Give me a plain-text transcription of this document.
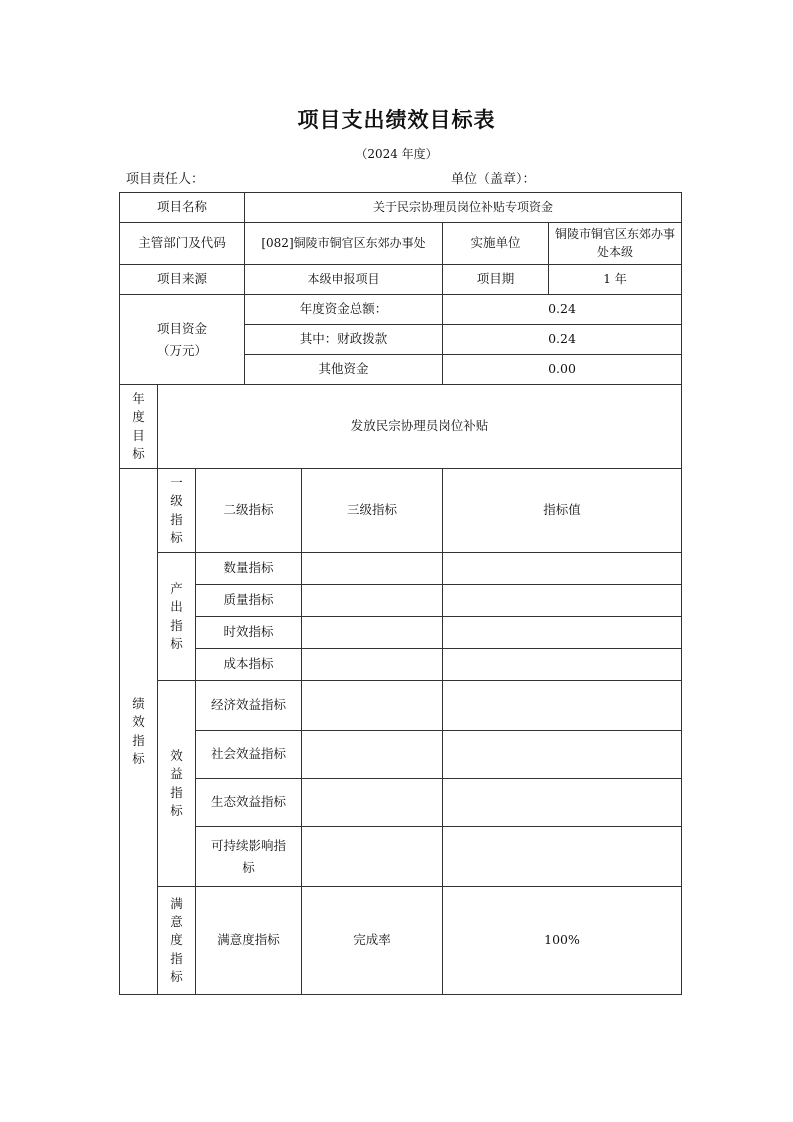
项目支出绩效目标表
（2024 年度）
项目责任人：	单位（盖章）：
项目名称			关于民宗协理员岗位补贴专项资金			
主管部门及代码			[082]铜陵市铜官区东郊办事处		实施单位	铜陵市铜官区东郊办事处本级
项目来源			本级申报项目		项目期	1 年
项目资金（万元）			年度资金总额：		0.24	
			其中：财政拨款		0.24	
			其他资金		0.00	
年度目标	发放民宗协理员岗位补贴					
绩效指标	一级指标	二级指标		三级指标	指标值	
	产出指标	数量指标				
		质量指标				
		时效指标				
		成本指标				
	效益指标	经济效益指标				
		社会效益指标				
		生态效益指标				
		可持续影响指标				
	满意度指标	满意度指标		完成率	100%	
